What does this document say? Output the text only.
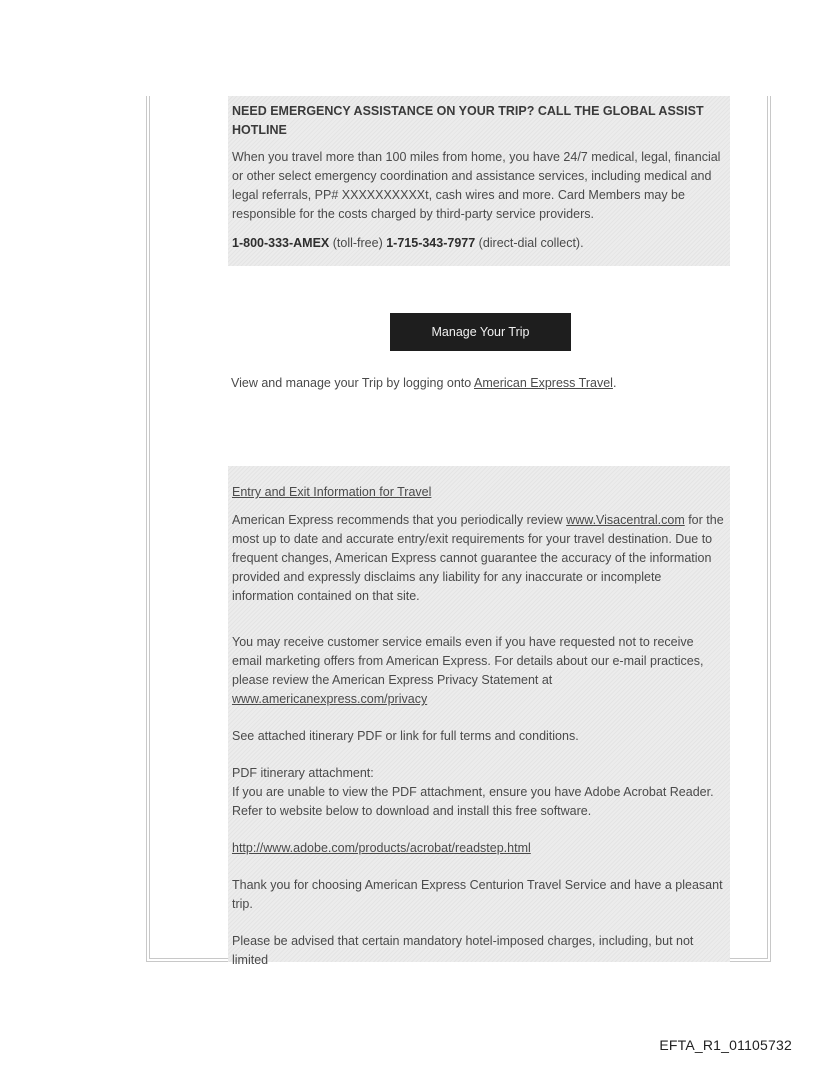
NEED EMERGENCY ASSISTANCE ON YOUR TRIP? CALL THE GLOBAL ASSIST HOTLINE

When you travel more than 100 miles from home, you have 24/7 medical, legal, financial or other select emergency coordination and assistance services, including medical and legal referrals, PP# XXXXXXXXXXt, cash wires and more. Card Members may be responsible for the costs charged by third-party service providers.

1-800-333-AMEX (toll-free) 1-715-343-7977 (direct-dial collect).

Manage Your Trip
View and manage your Trip by logging onto American Express Travel.

Entry and Exit Information for Travel

American Express recommends that you periodically review www.Visacentral.com for the most up to date and accurate entry/exit requirements for your travel destination. Due to frequent changes, American Express cannot guarantee the accuracy of the information provided and expressly disclaims any liability for any inaccurate or incomplete information contained on that site.

You may receive customer service emails even if you have requested not to receive email marketing offers from American Express. For details about our e-mail practices, please review the American Express Privacy Statement at www.americanexpress.com/privacy

See attached itinerary PDF or link for full terms and conditions.

PDF itinerary attachment:

If you are unable to view the PDF attachment, ensure you have Adobe Acrobat Reader. Refer to website below to download and install this free software.

http://www.adobe.com/products/acrobat/readstep.html

Thank you for choosing American Express Centurion Travel Service and have a pleasant trip.

Please be advised that certain mandatory hotel-imposed charges, including, but not limited

EFTA_R1_01105732
